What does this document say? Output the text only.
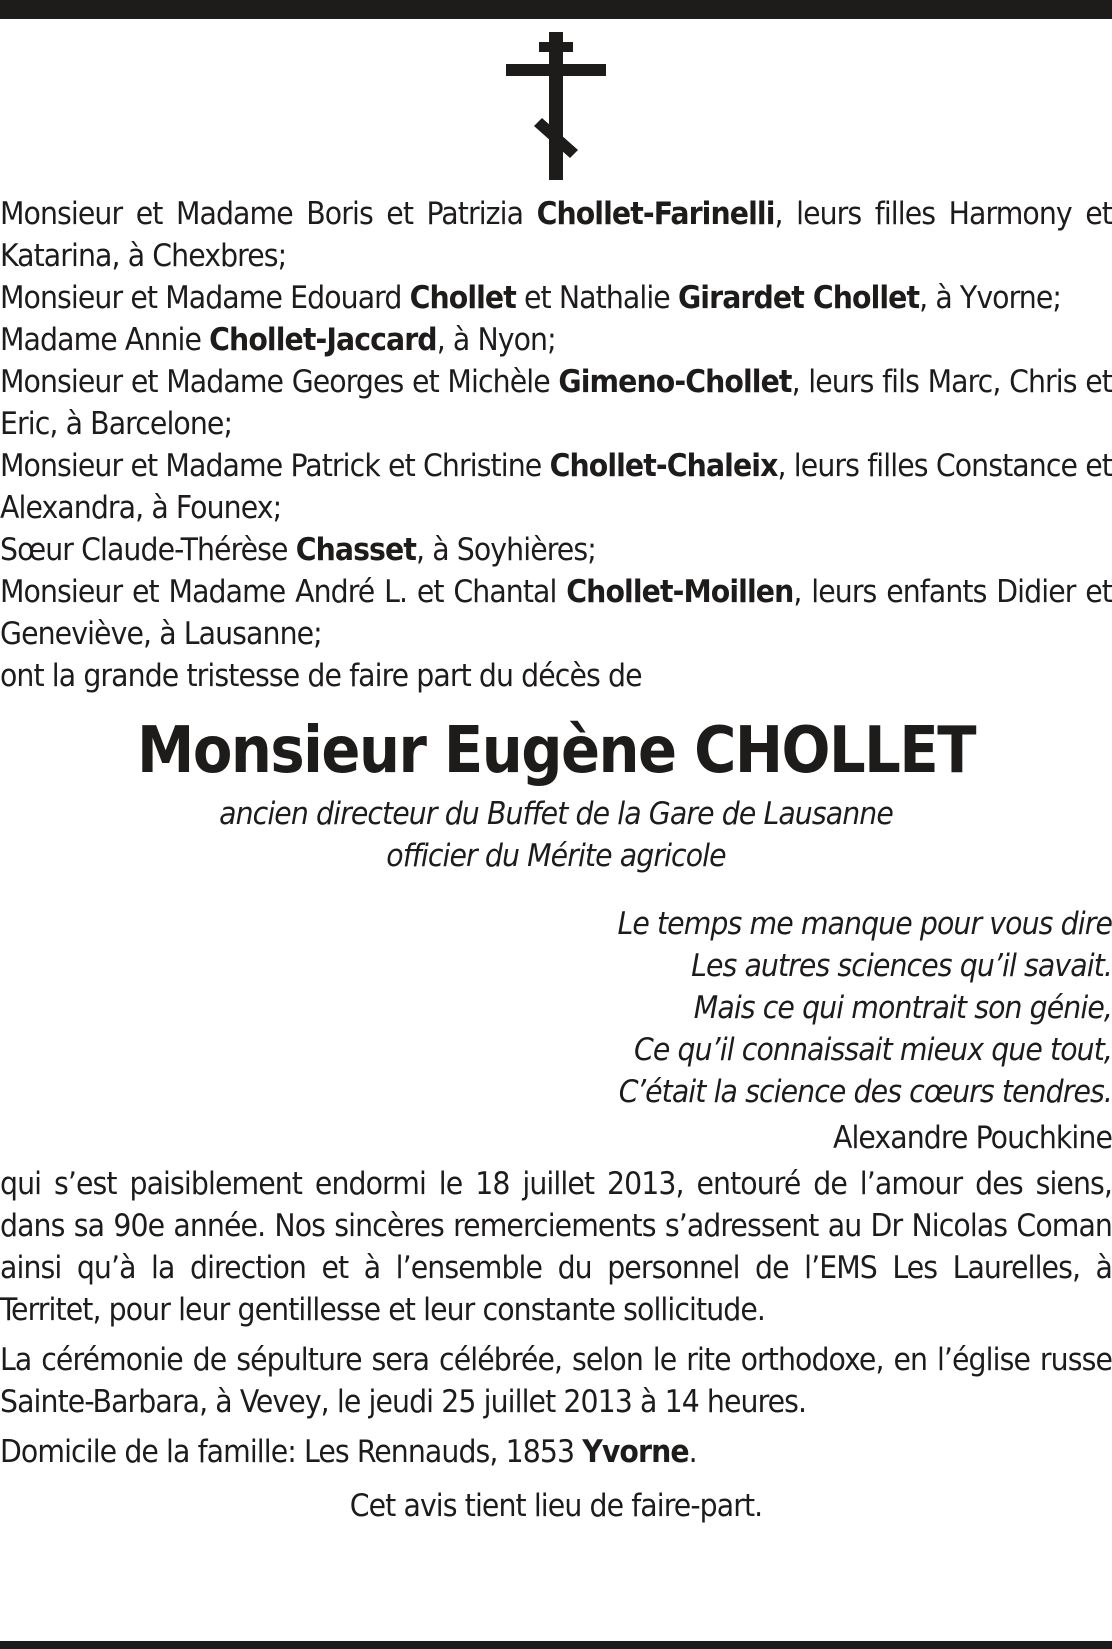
Monsieur et Madame Boris et Patrizia Chollet-Farinelli, leurs filles Harmony et Katarina, à Chexbres;
Monsieur et Madame Edouard Chollet et Nathalie Girardet Chollet, à Yvorne;
Madame Annie Chollet-Jaccard, à Nyon;
Monsieur et Madame Georges et Michèle Gimeno-Chollet, leurs fils Marc, Chris et Eric, à Barcelone;
Monsieur et Madame Patrick et Christine Chollet-Chaleix, leurs filles Constance et Alexandra, à Founex;
Sœur Claude-Thérèse Chasset, à Soyhières;
Monsieur et Madame André L. et Chantal Chollet-Moillen, leurs enfants Didier et Geneviève, à Lausanne;
ont la grande tristesse de faire part du décès de
Monsieur Eugène CHOLLET
ancien directeur du Buffet de la Gare de Lausanne
officier du Mérite agricole
Le temps me manque pour vous dire
Les autres sciences qu’il savait.
Mais ce qui montrait son génie,
Ce qu’il connaissait mieux que tout,
C’était la science des cœurs tendres.
Alexandre Pouchkine

qui s’est paisiblement endormi le 18 juillet 2013, entouré de l’amour des siens, dans sa 90e année. Nos sincères remerciements s’adressent au Dr Nicolas Coman ainsi qu’à la direction et à l’ensemble du personnel de l’EMS Les Laurelles, à Territet, pour leur gentillesse et leur constante sollicitude.

La cérémonie de sépulture sera célébrée, selon le rite orthodoxe, en l’église russe Sainte-Barbara, à Vevey, le jeudi 25 juillet 2013 à 14 heures.

Domicile de la famille: Les Rennauds, 1853 Yvorne.

Cet avis tient lieu de faire-part.
